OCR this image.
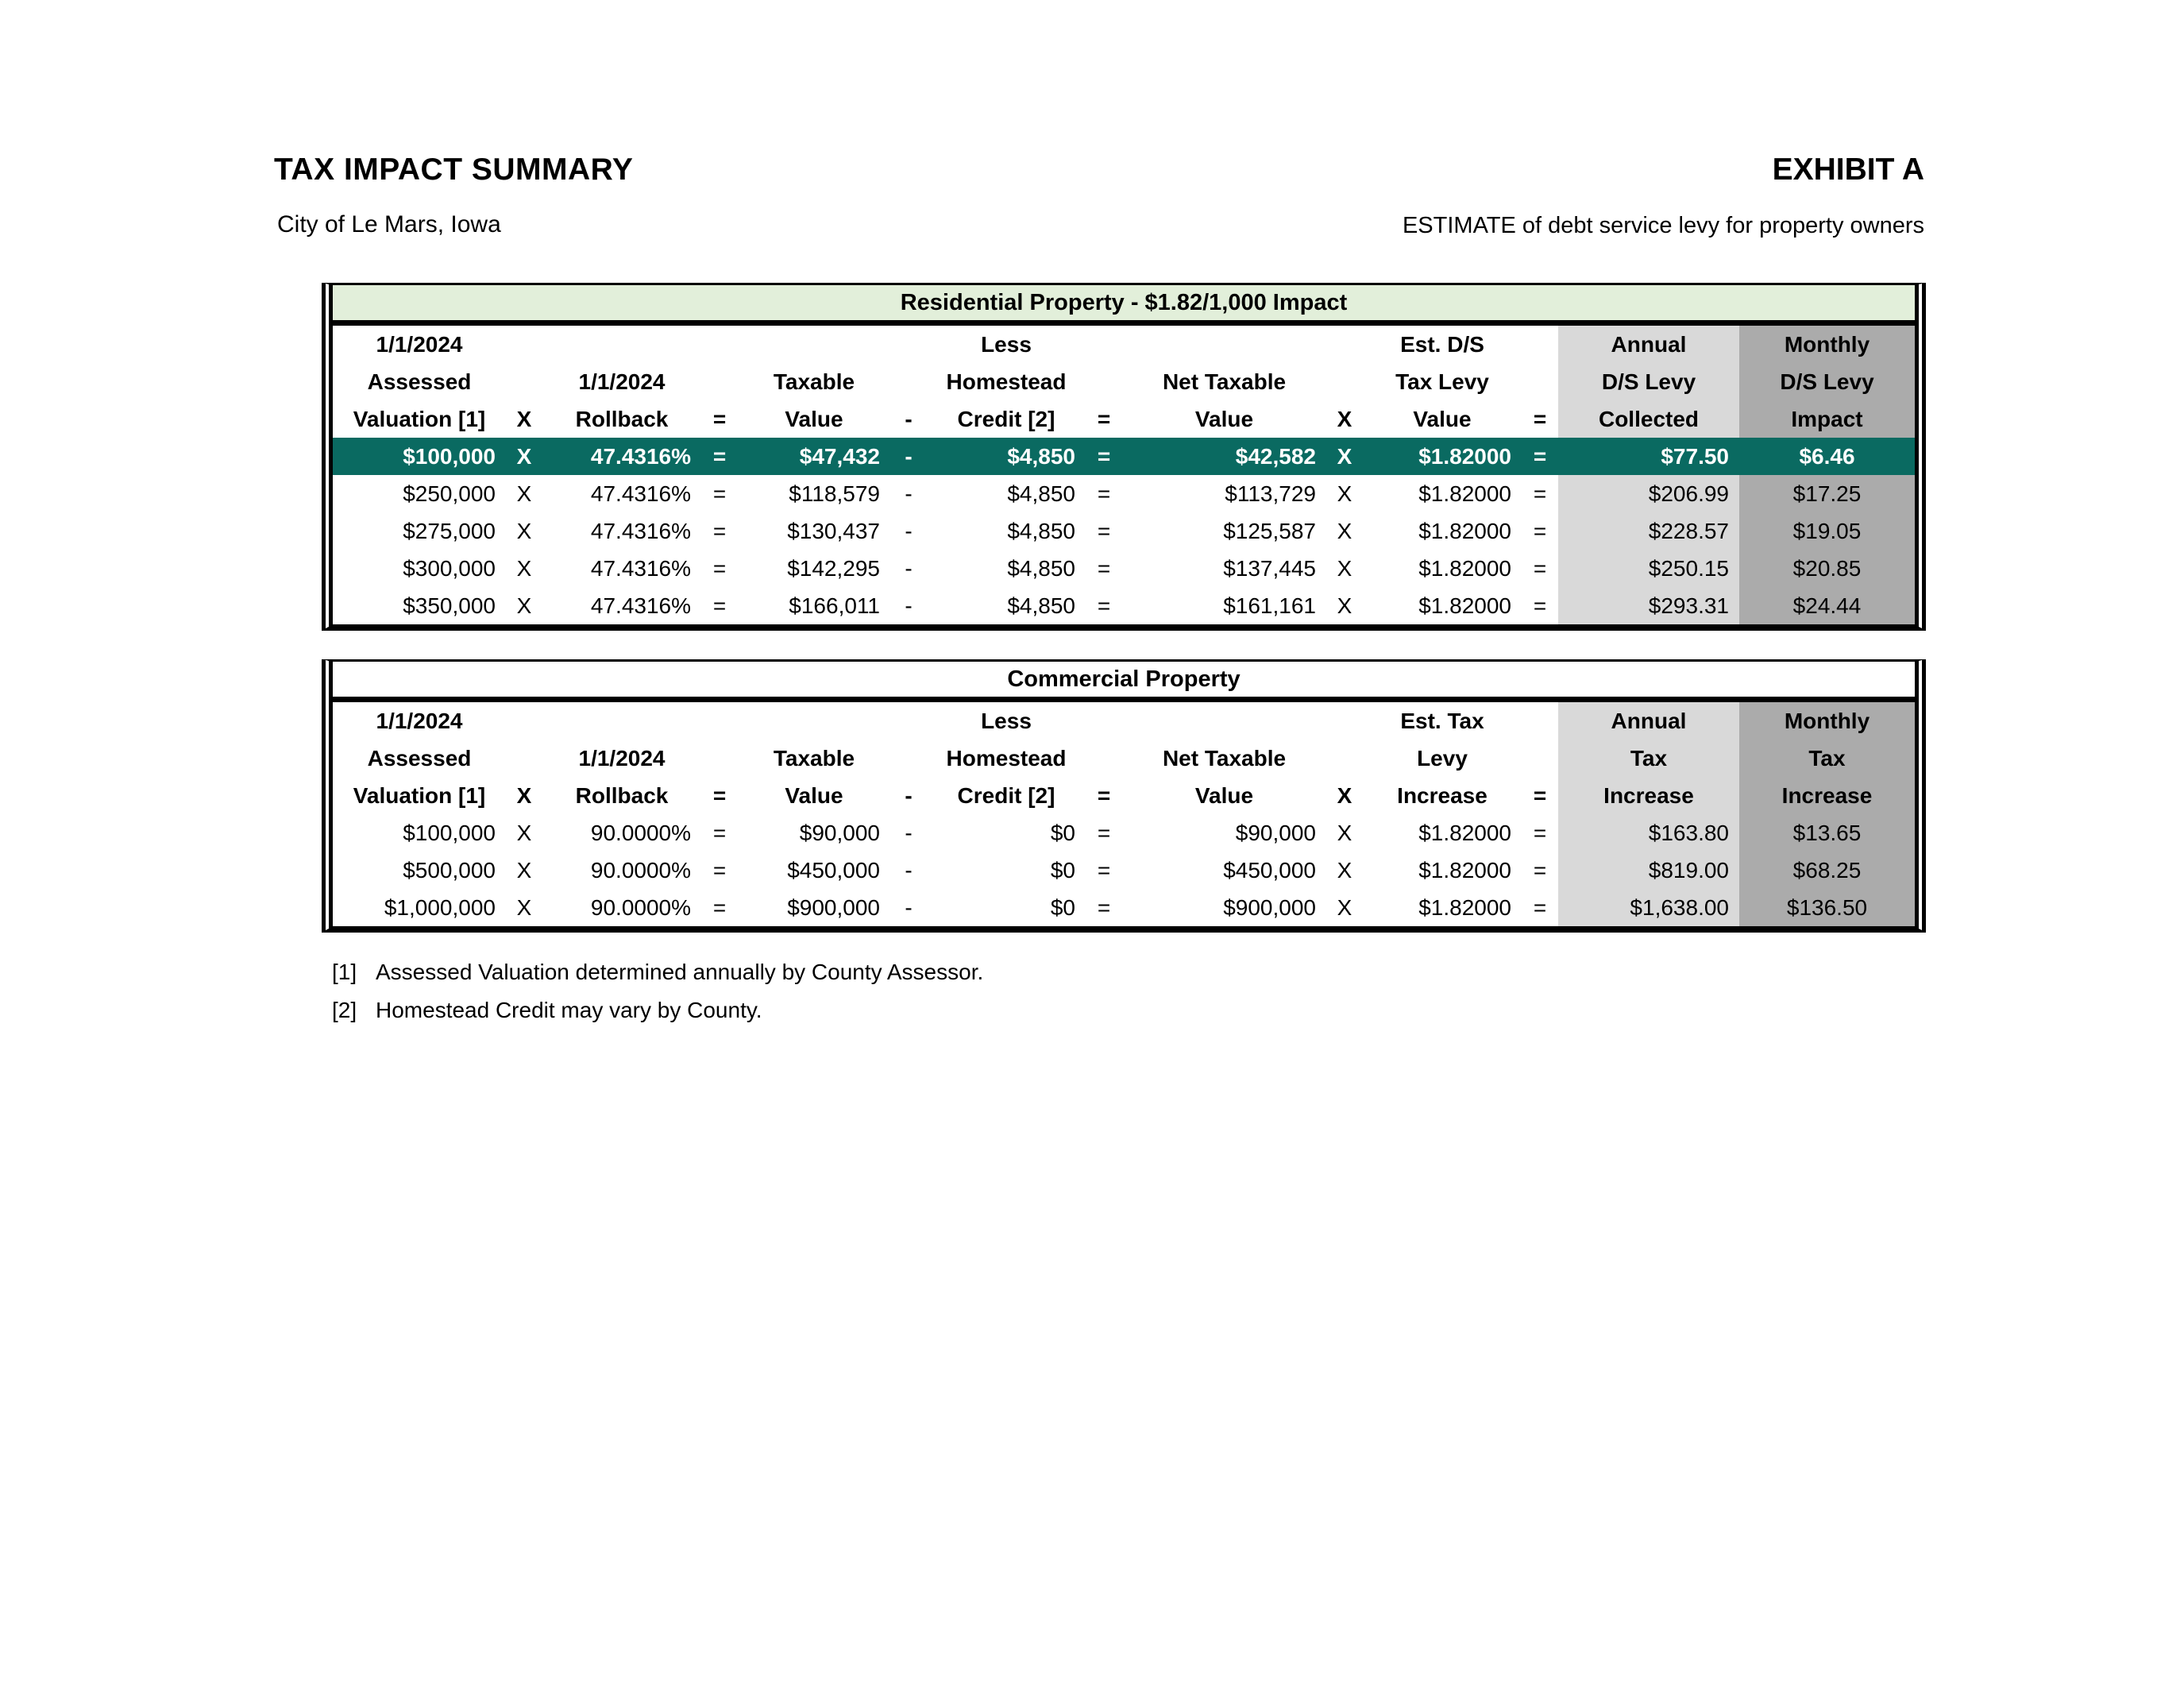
TAX IMPACT SUMMARY
City of Le Mars, Iowa
EXHIBIT A
ESTIMATE of debt service levy for property owners
Residential Property - $1.82/1,000 Impact
1/1/2024						Less				Est. D/S		Annual	Monthly
Assessed		1/1/2024		Taxable		Homestead		Net Taxable		Tax Levy		D/S Levy	D/S Levy
Valuation [1]	X	Rollback	=	Value	-	Credit [2]	=	Value	X	Value	=	Collected	Impact
$100,000	X	47.4316%	=	$47,432	-	$4,850	=	$42,582	X	$1.82000	=	$77.50	$6.46
$250,000	X	47.4316%	=	$118,579	-	$4,850	=	$113,729	X	$1.82000	=	$206.99	$17.25
$275,000	X	47.4316%	=	$130,437	-	$4,850	=	$125,587	X	$1.82000	=	$228.57	$19.05
$300,000	X	47.4316%	=	$142,295	-	$4,850	=	$137,445	X	$1.82000	=	$250.15	$20.85
$350,000	X	47.4316%	=	$166,011	-	$4,850	=	$161,161	X	$1.82000	=	$293.31	$24.44
Commercial Property
1/1/2024						Less				Est. Tax		Annual	Monthly
Assessed		1/1/2024		Taxable		Homestead		Net Taxable		Levy		Tax	Tax
Valuation [1]	X	Rollback	=	Value	-	Credit [2]	=	Value	X	Increase	=	Increase	Increase
$100,000	X	90.0000%	=	$90,000	-	$0	=	$90,000	X	$1.82000	=	$163.80	$13.65
$500,000	X	90.0000%	=	$450,000	-	$0	=	$450,000	X	$1.82000	=	$819.00	$68.25
$1,000,000	X	90.0000%	=	$900,000	-	$0	=	$900,000	X	$1.82000	=	$1,638.00	$136.50
[1] Assessed Valuation determined annually by County Assessor.
[2] Homestead Credit may vary by County.
